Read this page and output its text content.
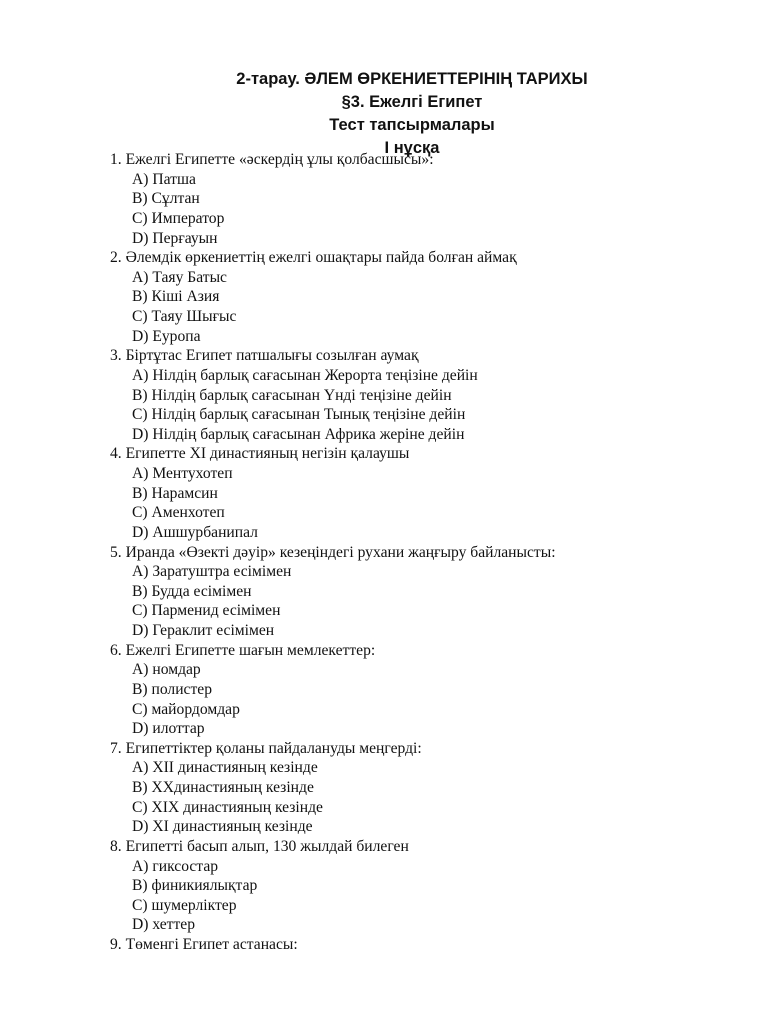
2-тарау. ӘЛЕМ ӨРКЕНИЕТТЕРІНІҢ ТАРИХЫ
§3. Ежелгі Египет
Тест тапсырмалары
І нұсқа
1. Ежелгі Египетте «әскердің ұлы қолбасшысы»:
A) Патша
B) Сұлтан
C) Император
D) Перғауын
2. Әлемдік өркениеттің ежелгі ошақтары пайда болған аймақ
A) Таяу Батыс
B) Кіші Азия
C) Таяу Шығыс
D) Еуропа
3. Біртұтас Египет патшалығы созылған аумақ
A) Нілдің барлық сағасынан Жерорта теңізіне дейін
B) Нілдің барлық сағасынан Үнді теңізіне дейін
C) Нілдің барлық сағасынан Тынық теңізіне дейін
D) Нілдің барлық сағасынан Африка жеріне дейін
4. Египетте XI династияның негізін қалаушы
A) Ментухотеп
B) Нарамсин
C) Аменхотеп
D) Ашшурбанипал
5. Иранда «Өзекті дәуір» кезеңіндегі рухани жаңғыру байланысты:
A) Заратуштра есімімен
B) Будда есімімен
C) Парменид есімімен
D) Гераклит есімімен
6. Ежелгі Египетте шағын мемлекеттер:
A) номдар
B) полистер
C) майордомдар
D) илоттар
7. Египеттіктер қоланы пайдалануды меңгерді:
A) XII династияның кезінде
B) XXдинастияның кезінде
C) XIX династияның кезінде
D) XI династияның кезінде
8. Египетті басып алып, 130 жылдай билеген
A) гиксостар
B) финикиялықтар
C) шумерліктер
D) хеттер
9. Төменгі Египет астанасы:
